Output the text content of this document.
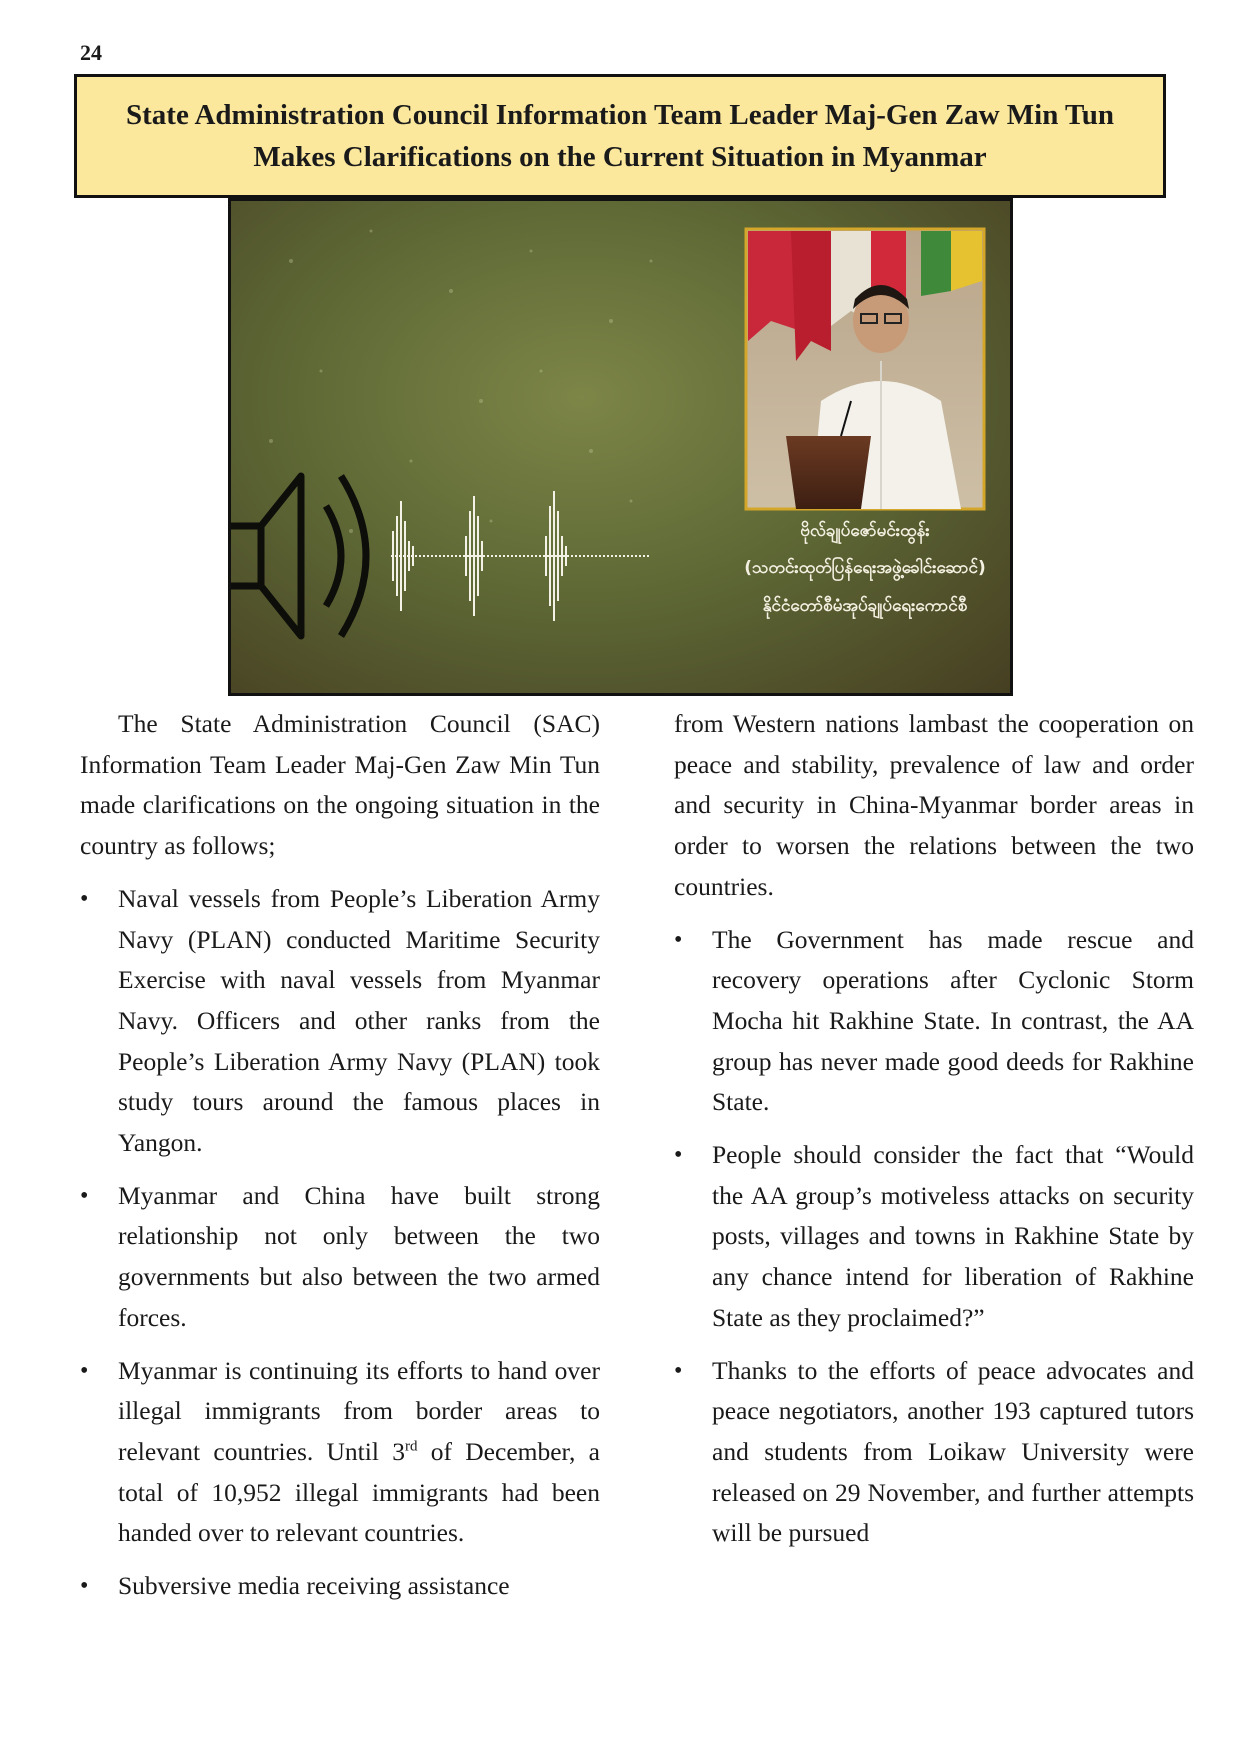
24
State Administration Council Information Team Leader Maj-Gen Zaw Min Tun
Makes Clarifications on the Current Situation in Myanmar
ဗိုလ်ချုပ်ဇော်မင်းထွန်း
(သတင်းထုတ်ပြန်ရေးအဖွဲ့ခေါင်းဆောင်)
နိုင်ငံတော်စီမံအုပ်ချုပ်ရေးကောင်စီ

The State Administration Council (SAC) Information Team Leader Maj-Gen Zaw Min Tun made clarifications on the ongoing situation in the country as follows;

• Naval vessels from People’s Liberation Army Navy (PLAN) conducted Maritime Security Exercise with naval vessels from Myanmar Navy. Officers and other ranks from the People’s Liberation Army Navy (PLAN) took study tours around the famous places in Yangon.
• Myanmar and China have built strong relationship not only between the two governments but also between the two armed forces.
• Myanmar is continuing its efforts to hand over illegal immigrants from border areas to relevant countries. Until 3rd of December, a total of 10,952 illegal immigrants had been handed over to relevant countries.
• Subversive media receiving assistance

from Western nations lambast the cooperation on peace and stability, prevalence of law and order and security in China-Myanmar border areas in order to worsen the relations between the two countries.

• The Government has made rescue and recovery operations after Cyclonic Storm Mocha hit Rakhine State. In contrast, the AA group has never made good deeds for Rakhine State.
• People should consider the fact that “Would the AA group’s motiveless attacks on security posts, villages and towns in Rakhine State by any chance intend for liberation of Rakhine State as they proclaimed?”
• Thanks to the efforts of peace advocates and peace negotiators, another 193 captured tutors and students from Loikaw University were released on 29 November, and further attempts will be pursued
